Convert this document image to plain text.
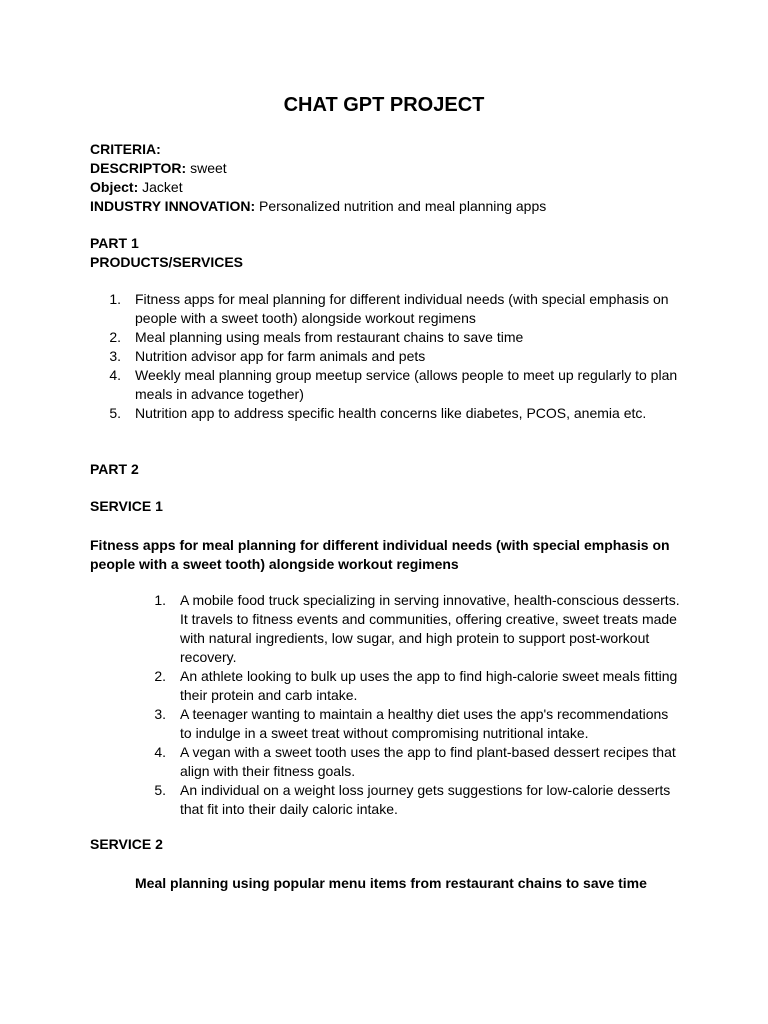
CHAT GPT PROJECT
CRITERIA:
DESCRIPTOR: sweet
Object: Jacket
INDUSTRY INNOVATION: Personalized nutrition and meal planning apps
PART 1
PRODUCTS/SERVICES
1. Fitness apps for meal planning for different individual needs (with special emphasis on people with a sweet tooth) alongside workout regimens
2. Meal planning using meals from restaurant chains to save time
3. Nutrition advisor app for farm animals and pets
4. Weekly meal planning group meetup service (allows people to meet up regularly to plan meals in advance together)
5. Nutrition app to address specific health concerns like diabetes, PCOS, anemia etc.
PART 2
SERVICE 1
Fitness apps for meal planning for different individual needs (with special emphasis on people with a sweet tooth) alongside workout regimens
1. A mobile food truck specializing in serving innovative, health-conscious desserts. It travels to fitness events and communities, offering creative, sweet treats made with natural ingredients, low sugar, and high protein to support post-workout recovery.
2. An athlete looking to bulk up uses the app to find high-calorie sweet meals fitting their protein and carb intake.
3. A teenager wanting to maintain a healthy diet uses the app's recommendations to indulge in a sweet treat without compromising nutritional intake.
4. A vegan with a sweet tooth uses the app to find plant-based dessert recipes that align with their fitness goals.
5. An individual on a weight loss journey gets suggestions for low-calorie desserts that fit into their daily caloric intake.
SERVICE 2

Meal planning using popular menu items from restaurant chains to save time
